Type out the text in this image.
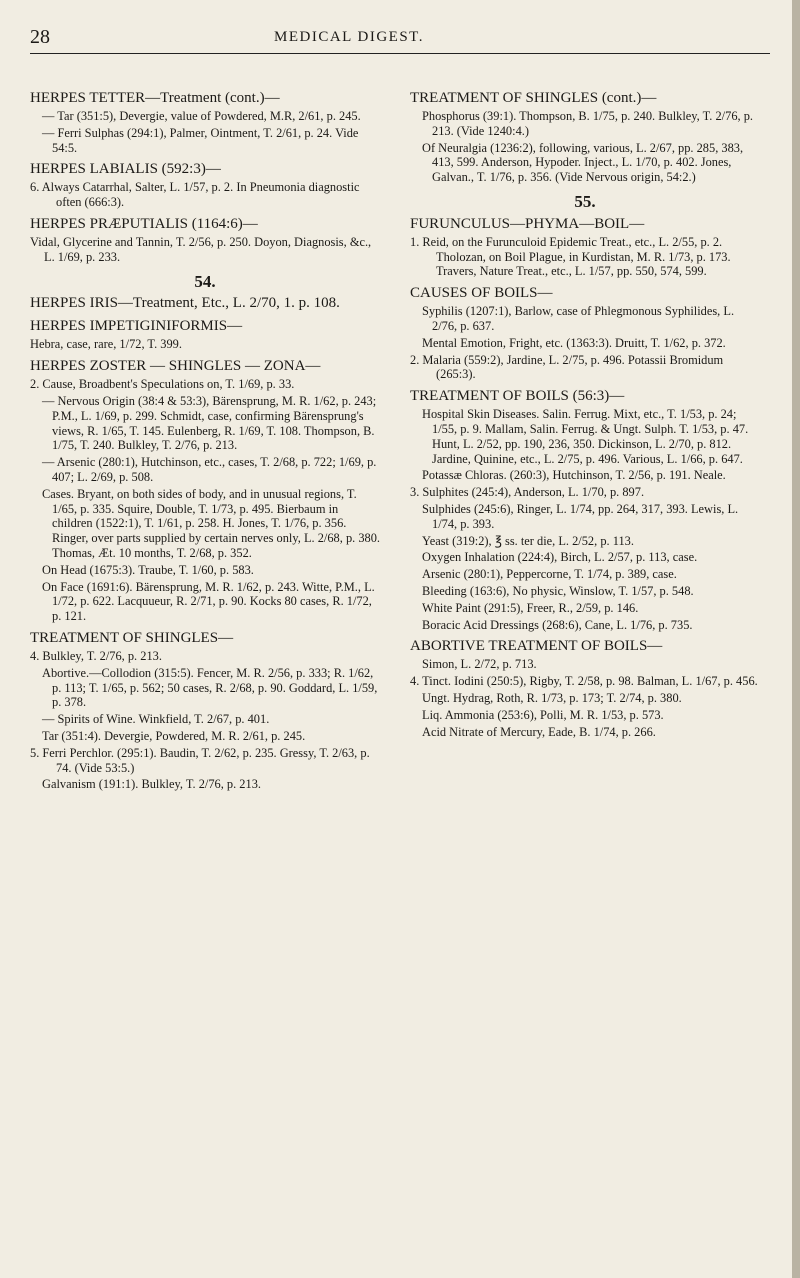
28	MEDICAL DIGEST.
HERPES TETTER—Treatment (cont.)—
— Tar (351:5), Devergie, value of Powdered, M.R, 2/61, p. 245.
— Ferri Sulphas (294:1), Palmer, Ointment, T. 2/61, p. 24. Vide 54:5.
HERPES LABIALIS (592:3)—
6. Always Catarrhal, Salter, L. 1/57, p. 2. In Pneumonia diagnostic often (666:3).
HERPES PRÆPUTIALIS (1164:6)—
Vidal, Glycerine and Tannin, T. 2/56, p. 250. Doyon, Diagnosis, &c., L. 1/69, p. 233.
54.
HERPES IRIS—Treatment, Etc., L. 2/70, 1. p. 108.
HERPES IMPETIGINIFORMIS—
Hebra, case, rare, 1/72, T. 399.
HERPES ZOSTER — SHINGLES — ZONA—
2. Cause, Broadbent's Speculations on, T. 1/69, p. 33.
— Nervous Origin (38:4 & 53:3), Bärensprung, M. R. 1/62, p. 243; P.M., L. 1/69, p. 299. Schmidt, case, confirming Bärensprung's views, R. 1/65, T. 145. Eulenberg, R. 1/69, T. 108. Thompson, B. 1/75, T. 240. Bulkley, T. 2/76, p. 213.
— Arsenic (280:1), Hutchinson, etc., cases, T. 2/68, p. 722; 1/69, p. 407; L. 2/69, p. 508.
Cases. Bryant, on both sides of body, and in unusual regions, T. 1/65, p. 335. Squire, Double, T. 1/73, p. 495. Bierbaum in children (1522:1), T. 1/61, p. 258. H. Jones, T. 1/76, p. 356. Ringer, over parts supplied by certain nerves only, L. 2/68, p. 380. Thomas, Æt. 10 months, T. 2/68, p. 352.
On Head (1675:3). Traube, T. 1/60, p. 583.
On Face (1691:6). Bärensprung, M. R. 1/62, p. 243. Witte, P.M., L. 1/72, p. 622. Lacquueur, R. 2/71, p. 90. Kocks 80 cases, R. 1/72, p. 121.
TREATMENT OF SHINGLES—
4. Bulkley, T. 2/76, p. 213.
Abortive.—Collodion (315:5). Fencer, M. R. 2/56, p. 333; R. 1/62, p. 113; T. 1/65, p. 562; 50 cases, R. 2/68, p. 90. Goddard, L. 1/59, p. 378.
— Spirits of Wine. Winkfield, T. 2/67, p. 401.
Tar (351:4). Devergie, Powdered, M. R. 2/61, p. 245.
5. Ferri Perchlor. (295:1). Baudin, T. 2/62, p. 235. Gressy, T. 2/63, p. 74. (Vide 53:5.)
Galvanism (191:1). Bulkley, T. 2/76, p. 213.
TREATMENT OF SHINGLES (cont.)—
Phosphorus (39:1). Thompson, B. 1/75, p. 240. Bulkley, T. 2/76, p. 213. (Vide 1240:4.)
Of Neuralgia (1236:2), following, various, L. 2/67, pp. 285, 383, 413, 599. Anderson, Hypoder. Inject., L. 1/70, p. 402. Jones, Galvan., T. 1/76, p. 356. (Vide Nervous origin, 54:2.)
55.
FURUNCULUS—PHYMA—BOIL—
1. Reid, on the Furunculoid Epidemic Treat., etc., L. 2/55, p. 2. Tholozan, on Boil Plague, in Kurdistan, M. R. 1/73, p. 173. Travers, Nature Treat., etc., L. 1/57, pp. 550, 574, 599.
CAUSES OF BOILS—
Syphilis (1207:1), Barlow, case of Phlegmonous Syphilides, L. 2/76, p. 637.
Mental Emotion, Fright, etc. (1363:3). Druitt, T. 1/62, p. 372.
2. Malaria (559:2), Jardine, L. 2/75, p. 496. Potassii Bromidum (265:3).
TREATMENT OF BOILS (56:3)—
Hospital Skin Diseases. Salin. Ferrug. Mixt, etc., T. 1/53, p. 24; 1/55, p. 9. Mallam, Salin. Ferrug. & Ungt. Sulph. T. 1/53, p. 47. Hunt, L. 2/52, pp. 190, 236, 350. Dickinson, L. 2/70, p. 812. Jardine, Quinine, etc., L. 2/75, p. 496. Various, L. 1/66, p. 647.
Potassæ Chloras. (260:3), Hutchinson, T. 2/56, p. 191. Neale.
3. Sulphites (245:4), Anderson, L. 1/70, p. 897.
Sulphides (245:6), Ringer, L. 1/74, pp. 264, 317, 393. Lewis, L. 1/74, p. 393.
Yeast (319:2), ℥ ss. ter die, L. 2/52, p. 113.
Oxygen Inhalation (224:4), Birch, L. 2/57, p. 113, case.
Arsenic (280:1), Peppercorne, T. 1/74, p. 389, case.
Bleeding (163:6), No physic, Winslow, T. 1/57, p. 548.
White Paint (291:5), Freer, R., 2/59, p. 146.
Boracic Acid Dressings (268:6), Cane, L. 1/76, p. 735.
ABORTIVE TREATMENT OF BOILS—
Simon, L. 2/72, p. 713.
4. Tinct. Iodini (250:5), Rigby, T. 2/58, p. 98. Balman, L. 1/67, p. 456.
Ungt. Hydrag, Roth, R. 1/73, p. 173; T. 2/74, p. 380.
Liq. Ammonia (253:6), Polli, M. R. 1/53, p. 573.
Acid Nitrate of Mercury, Eade, B. 1/74, p. 266.
